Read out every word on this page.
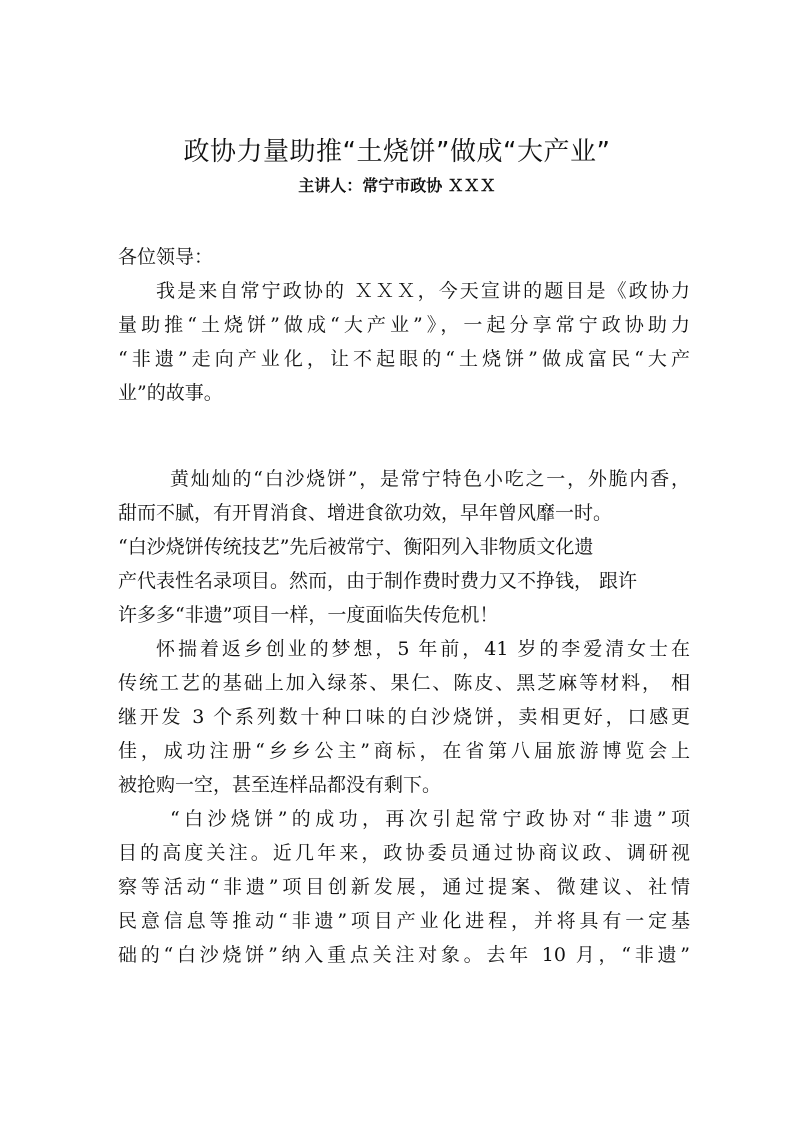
政协力量助推“土烧饼”做成“大产业”
主讲人：常宁市政协 ＸＸＸ
各位领导：
我是来自常宁政协的 ＸＸＸ，今天宣讲的题目是《政协力
量助推“土烧饼”做成“大产业”》，一起分享常宁政协助力
“非遗”走向产业化，让不起眼的“土烧饼”做成富民“大产
业”的故事。
黄灿灿的“白沙烧饼”，是常宁特色小吃之一，外脆内香，
甜而不腻，有开胃消食、增进食欲功效，早年曾风靡一时。
“白沙烧饼传统技艺”先后被常宁、衡阳列入非物质文化遗
产代表性名录项目。然而，由于制作费时费力又不挣钱， 跟许
许多多“非遗”项目一样，一度面临失传危机！
怀揣着返乡创业的梦想，5 年前，41 岁的李爱清女士在
传统工艺的基础上加入绿茶、果仁、陈皮、黑芝麻等材料， 相
继开发 3 个系列数十种口味的白沙烧饼，卖相更好，口感更
佳，成功注册“乡乡公主”商标，在省第八届旅游博览会上
被抢购一空，甚至连样品都没有剩下。
“白沙烧饼”的成功，再次引起常宁政协对“非遗”项
目的高度关注。近几年来，政协委员通过协商议政、调研视
察等活动“非遗”项目创新发展，通过提案、微建议、社情
民意信息等推动“非遗”项目产业化进程，并将具有一定基
础的“白沙烧饼”纳入重点关注对象。去年 10 月，“非遗”
